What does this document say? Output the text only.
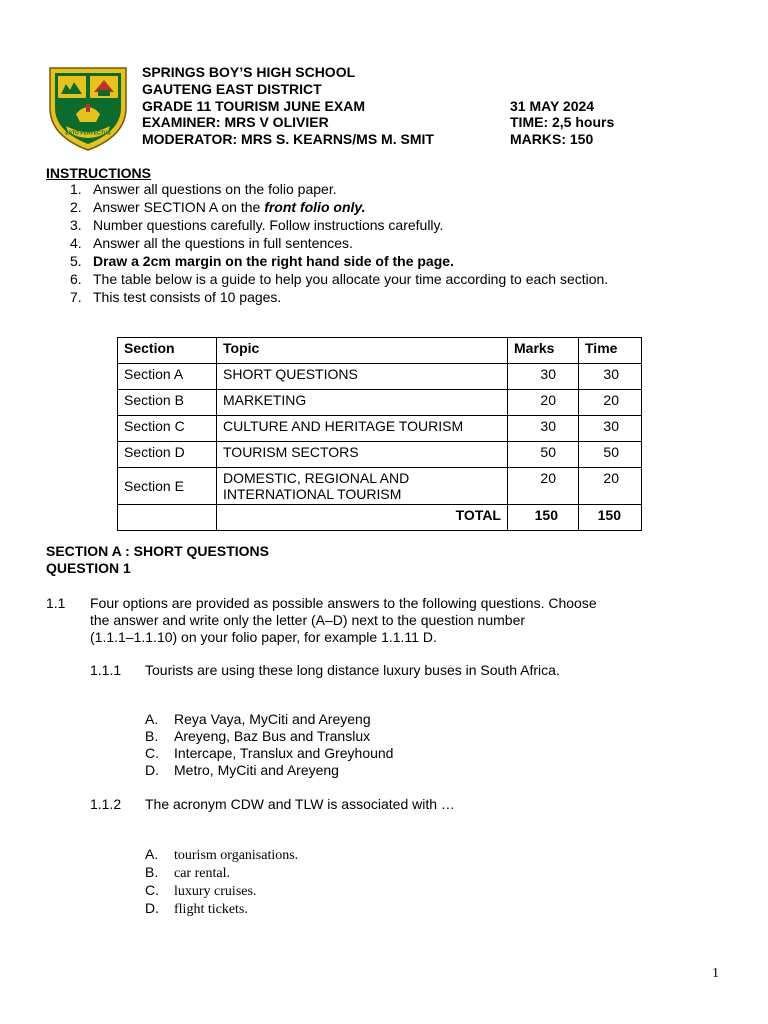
ESTO PERFECTUS
SPRINGS BOY’S HIGH SCHOOL
GAUTENG EAST DISTRICT
GRADE 11 TOURISM JUNE EXAM
EXAMINER: MRS V OLIVIER
MODERATOR: MRS S. KEARNS/MS M. SMIT
31 MAY 2024
TIME: 2,5 hours
MARKS: 150
INSTRUCTIONS
1. Answer all questions on the folio paper.
2. Answer SECTION A on the front folio only.
3. Number questions carefully. Follow instructions carefully.
4. Answer all the questions in full sentences.
5. Draw a 2cm margin on the right hand side of the page.
6. The table below is a guide to help you allocate your time according to each section.
7. This test consists of 10 pages.
Section	Topic	Marks	Time
Section A	SHORT QUESTIONS	30	30
Section B	MARKETING	20	20
Section C	CULTURE AND HERITAGE TOURISM	30	30
Section D	TOURISM SECTORS	50	50
Section E	DOMESTIC, REGIONAL AND
INTERNATIONAL TOURISM	20	20
	TOTAL	150	150
SECTION A : SHORT QUESTIONS
QUESTION 1
1.1 Four options are provided as possible answers to the following questions. Choose
the answer and write only the letter (A–D) next to the question number
(1.1.1–1.1.10) on your folio paper, for example 1.1.11 D.
1.1.1 Tourists are using these long distance luxury buses in South Africa.
A. Reya Vaya, MyCiti and Areyeng
B. Areyeng, Baz Bus and Translux
C. Intercape, Translux and Greyhound
D. Metro, MyCiti and Areyeng
1.1.2 The acronym CDW and TLW is associated with …
A. tourism organisations.
B. car rental.
C. luxury cruises.
D. flight tickets.
1
